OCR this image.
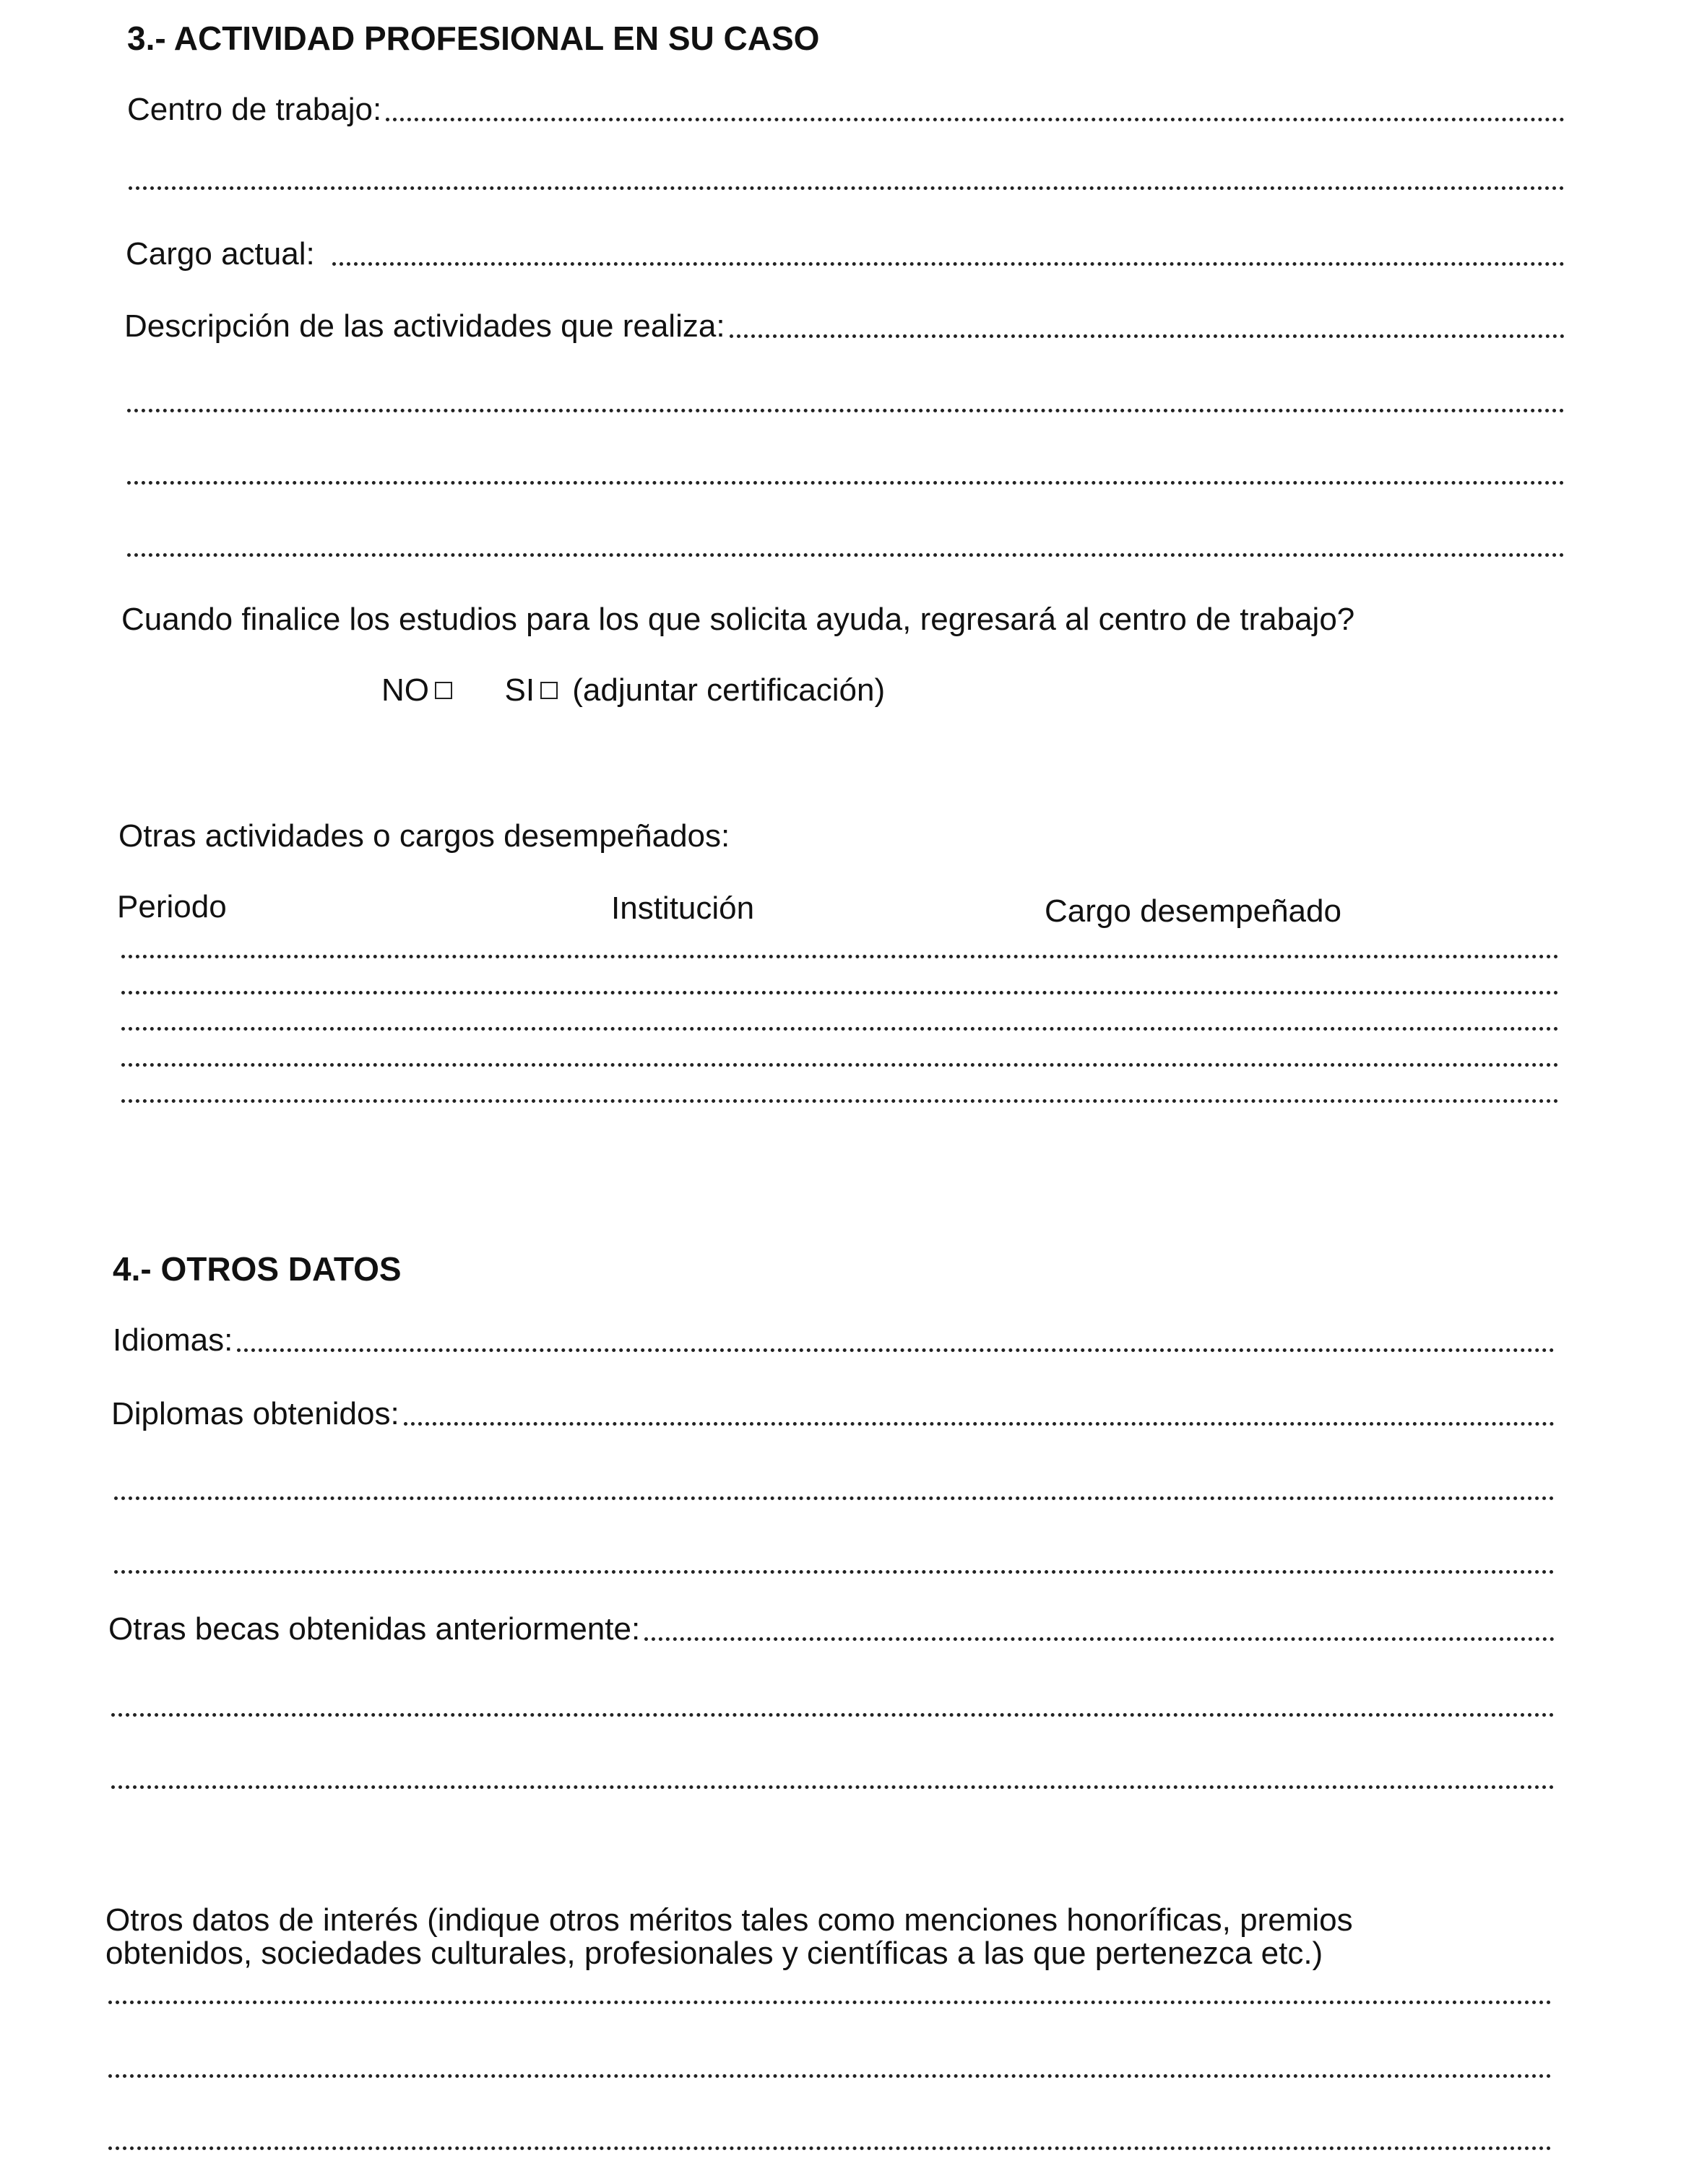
3.- ACTIVIDAD PROFESIONAL EN SU CASO
Centro de trabajo:
Cargo actual:
Descripción de las actividades que realiza:
Cuando finalice los estudios para los que solicita ayuda, regresará al centro de trabajo?
NO SI (adjuntar certificación)
Otras actividades o cargos desempeñados:
Periodo	Institución	Cargo desempeñado
4.- OTROS DATOS
Idiomas:
Diplomas obtenidos:
Otras becas obtenidas anteriormente:
Otros datos de interés (indique otros méritos tales como menciones honoríficas, premios
obtenidos, sociedades culturales, profesionales y científicas a las que pertenezca etc.)
